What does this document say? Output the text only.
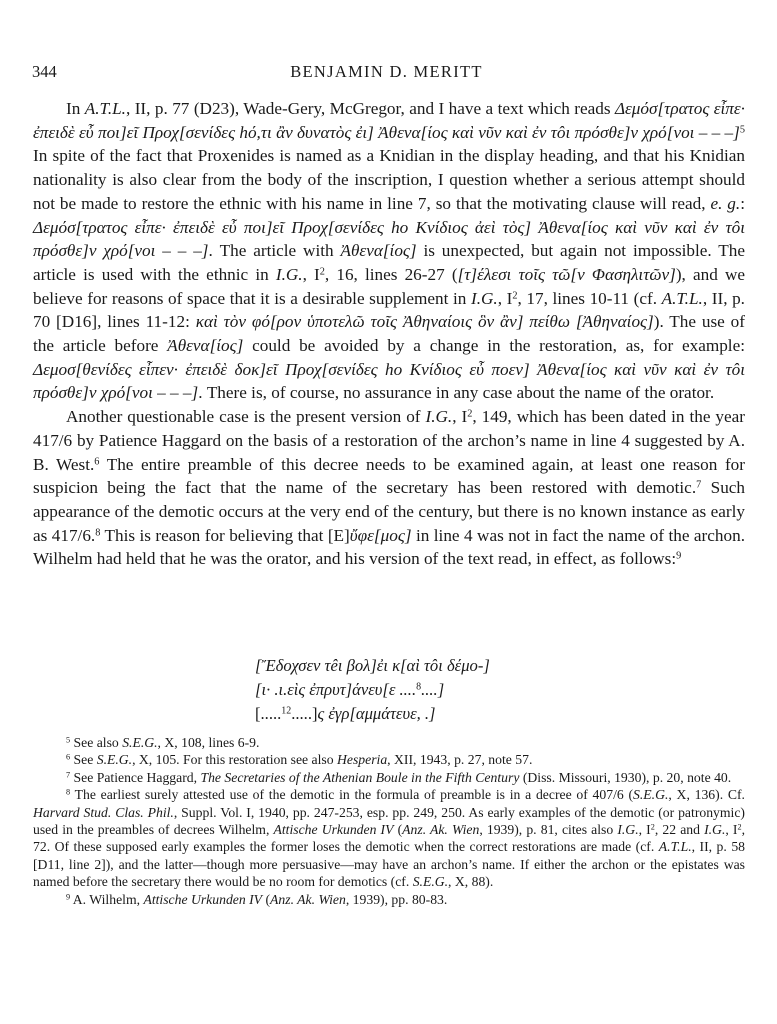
344	BENJAMIN D. MERITT

In A.T.L., II, p. 77 (D23), Wade-Gery, McGregor, and I have a text which reads Δεμόσ[τρατος εἶπε· ἐπειδὲ εὖ ποι]εῖ Προχ[σενίδες hό,τι ἂν δυνατὸς ἐι] Ἀθενα[ίος καὶ νῦν καὶ ἐν τôι πρόσθε]ν χρό[νοι – – –]$^5$ In spite of the fact that Proxenides is named as a Knidian in the display heading, and that his Knidian nationality is also clear from the body of the inscription, I question whether a serious attempt should not be made to restore the ethnic with his name in line 7, so that the motivating clause will read, e. g.: Δεμόσ[τρατος εἶπε· ἐπειδὲ εὖ ποι]εῖ Προχ[σενίδες hο Κνίδιος ἀεὶ τὸς] Ἀθενα[ίος καὶ νῦν καὶ ἐν τôι πρόσθε]ν χρό[νοι – – –]. The article with Ἀθενα[ίος] is unexpected, but again not impossible. The article is used with the ethnic in I.G., $I^2$, 16, lines 26-27 ([τ]έλεσι τοῖς τῶ[ν Φασηλιτῶν]), and we believe for reasons of space that it is a desirable supplement in I.G., $I^2$, 17, lines 10-11 (cf. A.T.L., II, p. 70 [D16], lines 11-12: καὶ τὸν φό[ρον ὑποτελῶ τοῖς Ἀθηναίοις ὃν ἂν] πείθω [Ἀθηναίος]). The use of the article before Ἀθενα[ίος] could be avoided by a change in the restoration, as, for example: Δεμοσ[θενίδες εἶπεν· ἐπειδὲ δοκ]εῖ Προχ[σενίδες hο Κνίδιος εὖ ποεν] Ἀθενα[ίος καὶ νῦν καὶ ἐν τôι πρόσθε]ν χρό[νοι – – –]. There is, of course, no assurance in any case about the name of the orator.

Another questionable case is the present version of I.G., $I^2$, 149, which has been dated in the year 417/6 by Patience Haggard on the basis of a restoration of the archon’s name in line 4 suggested by A. B. West.$^6$ The entire preamble of this decree needs to be examined again, at least one reason for suspicion being the fact that the name of the secretary has been restored with demotic.$^7$ Such appearance of the demotic occurs at the very end of the century, but there is no known instance as early as 417/6.$^8$ This is reason for believing that [E]ὔφε[μος] in line 4 was not in fact the name of the archon. Wilhelm had held that he was the orator, and his version of the text read, in effect, as follows:$^9$

[Ἔδοχσεν τêι βολ]ἐι κ[αὶ τôι δέμο-]
[ι· .ι.εὶς ἐπρυτ]άνευ[ε ....$^8$....]
[.....$^{12}$.....]ς ἐγρ[αμμάτευε, .]

$^5$ See also S.E.G., X, 108, lines 6-9.

$^6$ See S.E.G., X, 105. For this restoration see also Hesperia, XII, 1943, p. 27, note 57.

$^7$ See Patience Haggard, The Secretaries of the Athenian Boule in the Fifth Century (Diss. Missouri, 1930), p. 20, note 40.

$^8$ The earliest surely attested use of the demotic in the formula of preamble is in a decree of 407/6 (S.E.G., X, 136). Cf. Harvard Stud. Clas. Phil., Suppl. Vol. I, 1940, pp. 247-253, esp. pp. 249, 250. As early examples of the demotic (or patronymic) used in the preambles of decrees Wilhelm, Attische Urkunden IV (Anz. Ak. Wien, 1939), p. 81, cites also I.G., $I^2$, 22 and I.G., $I^2$, 72. Of these supposed early examples the former loses the demotic when the correct restorations are made (cf. A.T.L., II, p. 58 [D11, line 2]), and the latter—though more persuasive—may have an archon’s name. If either the archon or the epistates was named before the secretary there would be no room for demotics (cf. S.E.G., X, 88).

$^9$ A. Wilhelm, Attische Urkunden IV (Anz. Ak. Wien, 1939), pp. 80-83.
